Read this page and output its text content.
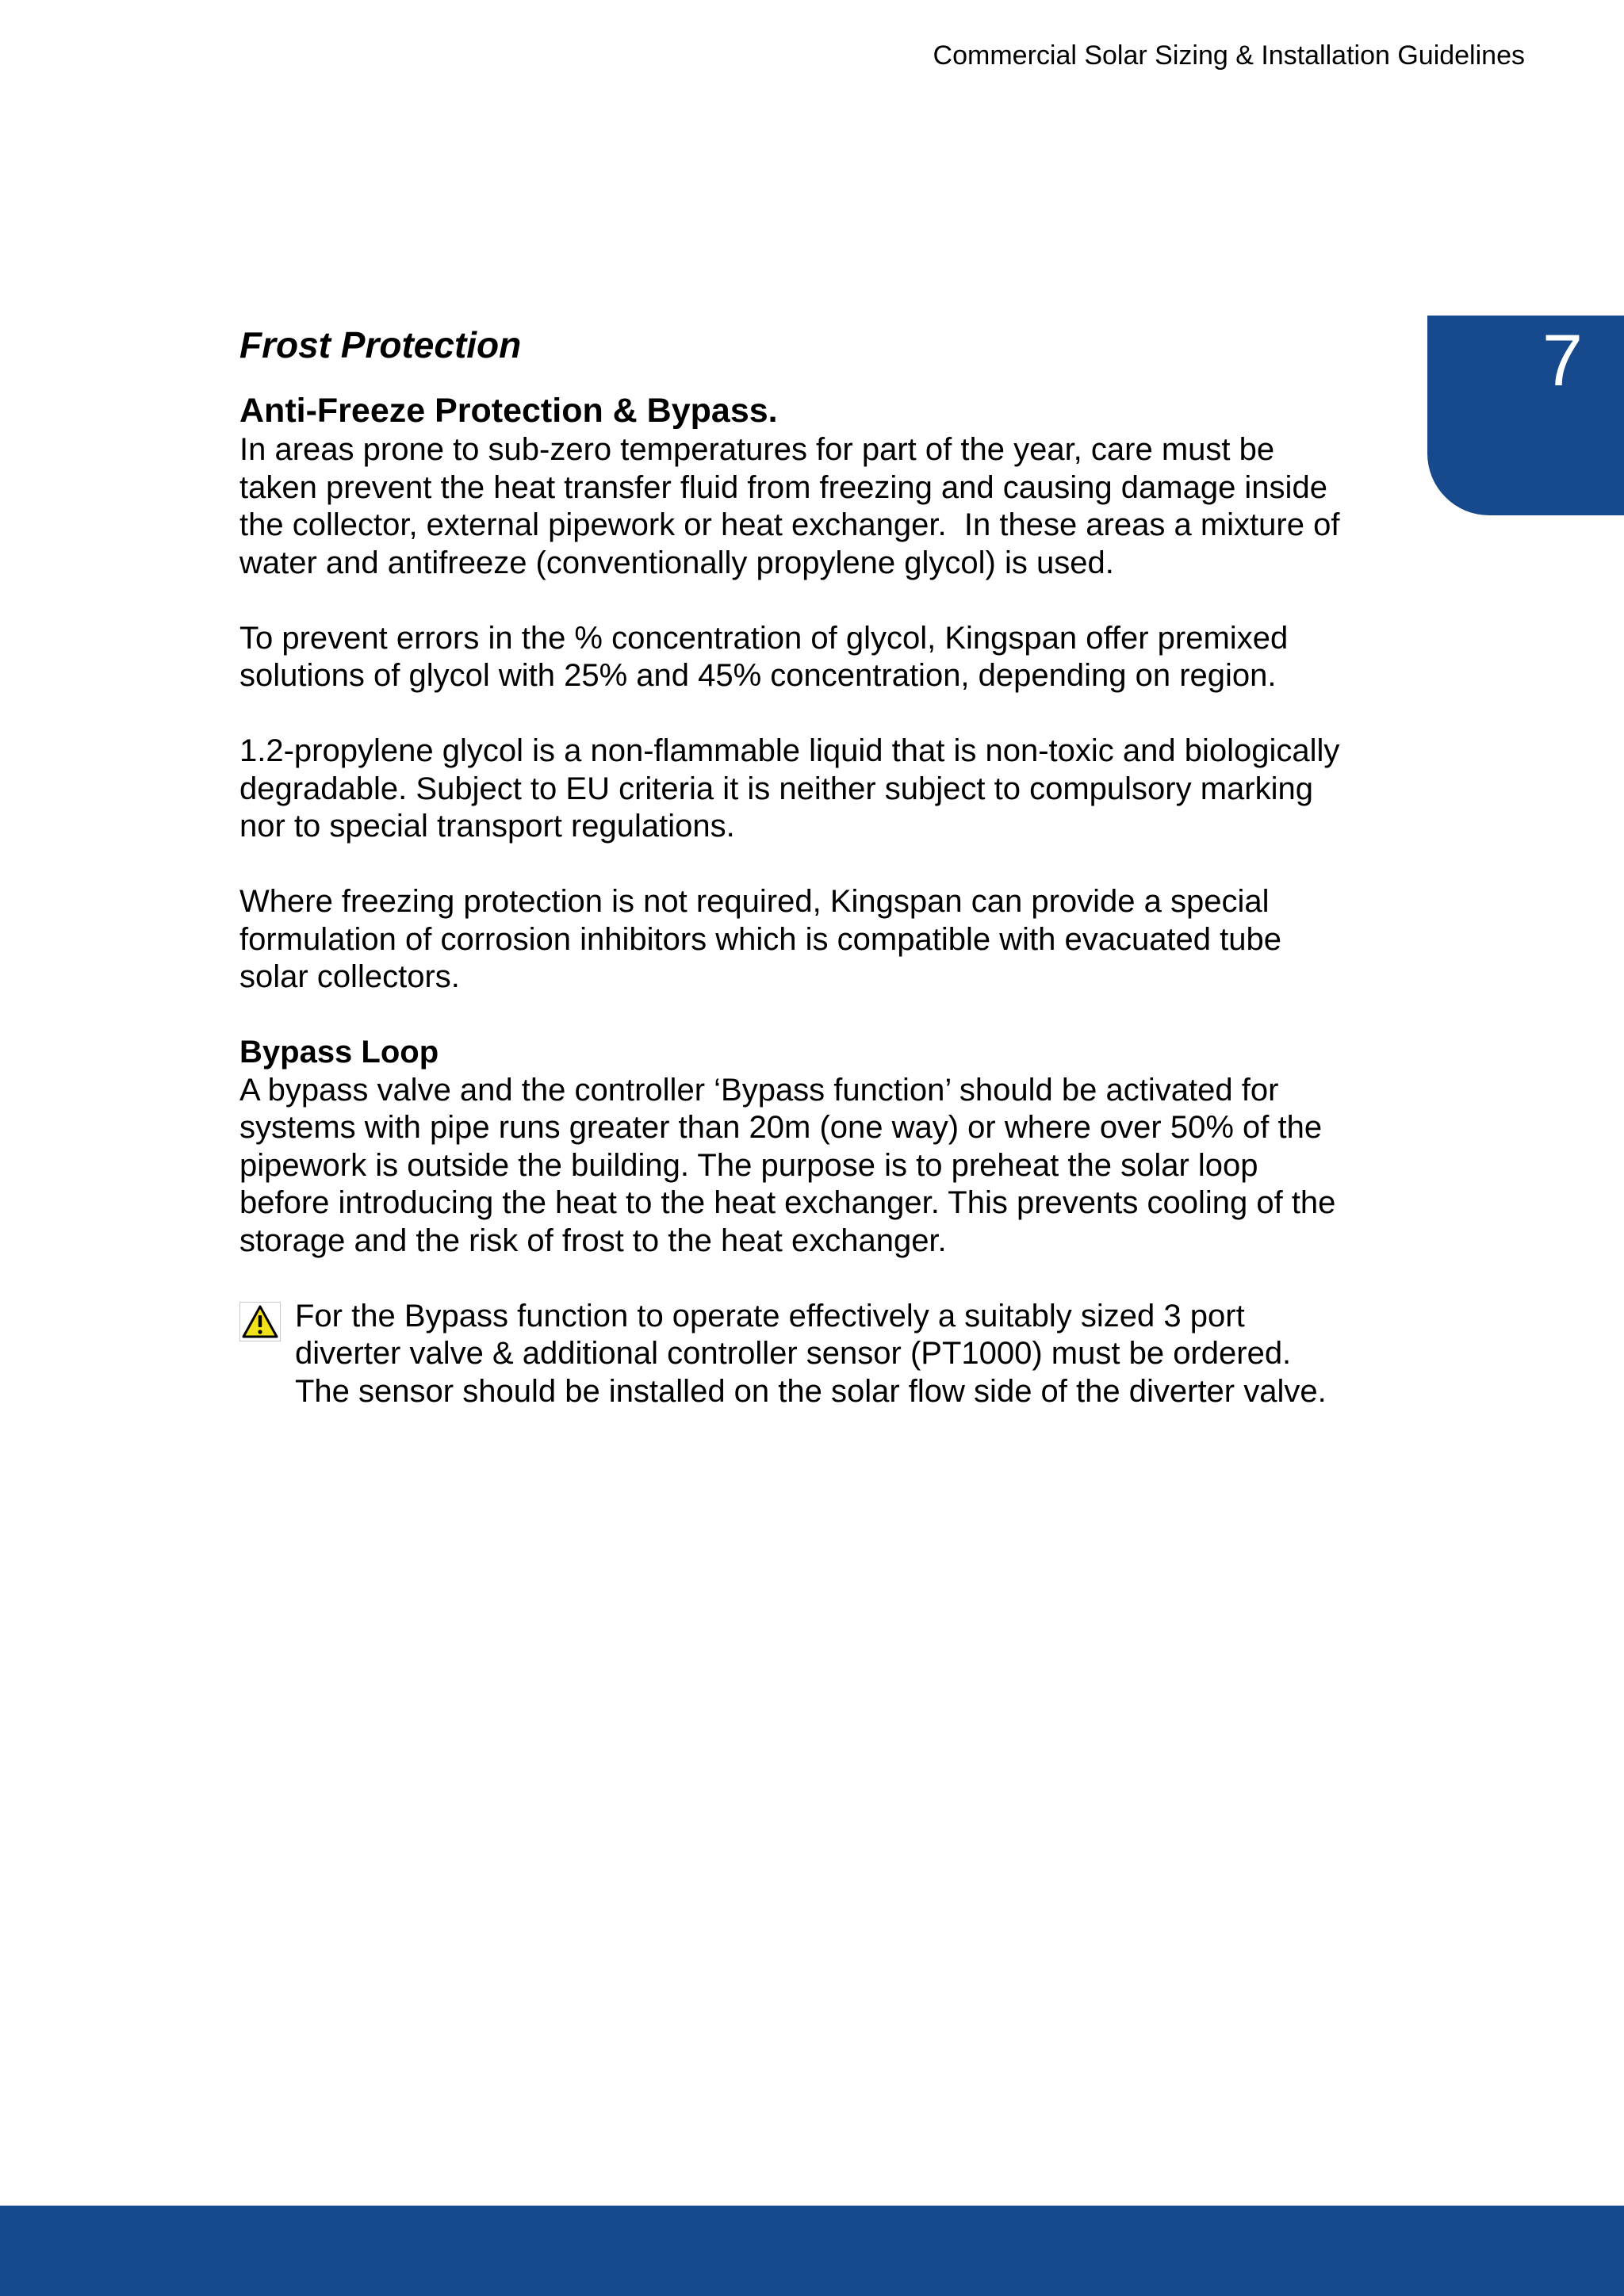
Commercial Solar Sizing & Installation Guidelines
7
Frost Protection
Anti-Freeze Protection & Bypass.

In areas prone to sub-zero temperatures for part of the year, care must be
taken prevent the heat transfer fluid from freezing and causing damage inside
the collector, external pipework or heat exchanger.  In these areas a mixture of
water and antifreeze (conventionally propylene glycol) is used.

To prevent errors in the % concentration of glycol, Kingspan offer premixed
solutions of glycol with 25% and 45% concentration, depending on region.

1.2-propylene glycol is a non-flammable liquid that is non-toxic and biologically
degradable. Subject to EU criteria it is neither subject to compulsory marking
nor to special transport regulations.

Where freezing protection is not required, Kingspan can provide a special
formulation of corrosion inhibitors which is compatible with evacuated tube
solar collectors.

Bypass Loop

A bypass valve and the controller ‘Bypass function’ should be activated for
systems with pipe runs greater than 20m (one way) or where over 50% of the
pipework is outside the building. The purpose is to preheat the solar loop
before introducing the heat to the heat exchanger. This prevents cooling of the
storage and the risk of frost to the heat exchanger.

For the Bypass function to operate effectively a suitably sized 3 port
diverter valve & additional controller sensor (PT1000) must be ordered.
The sensor should be installed on the solar flow side of the diverter valve.
